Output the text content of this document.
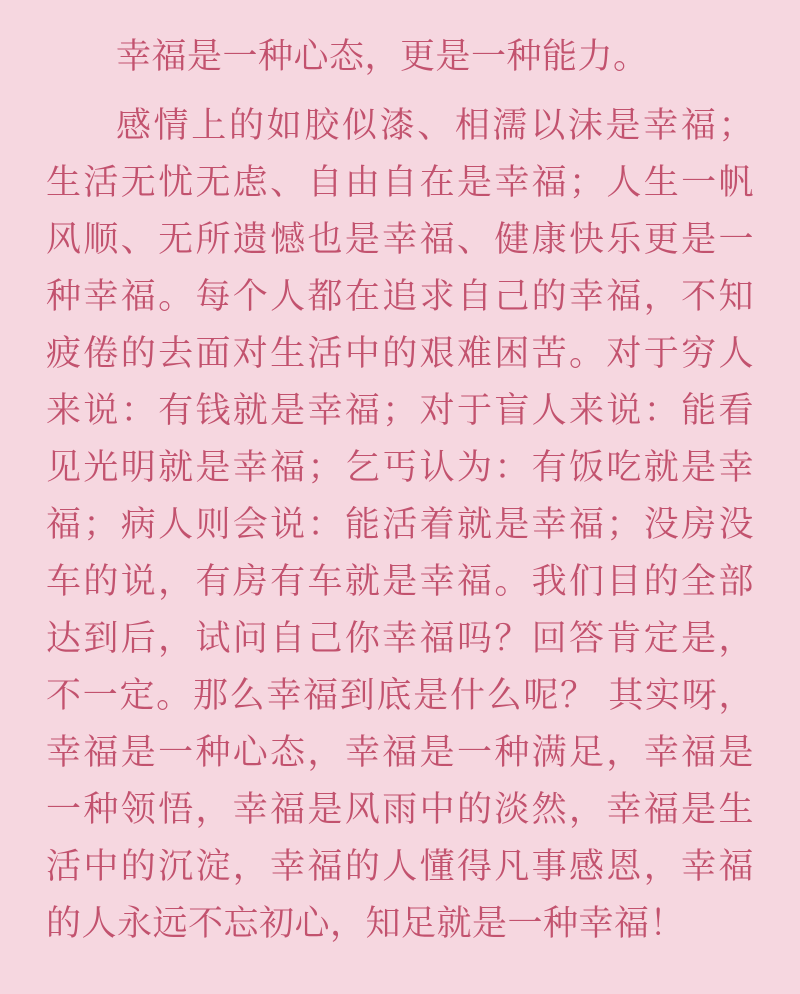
幸福是一种心态，更是一种能力。

感情上的如胶似漆、相濡以沫是幸福；生活无忧无虑、自由自在是幸福；人生一帆风顺、无所遗憾也是幸福、健康快乐更是一种幸福。每个人都在追求自己的幸福，不知疲倦的去面对生活中的艰难困苦。对于穷人来说：有钱就是幸福；对于盲人来说：能看见光明就是幸福；乞丐认为：有饭吃就是幸福；病人则会说：能活着就是幸福；没房没车的说，有房有车就是幸福。我们目的全部达到后，试问自己你幸福吗？回答肯定是，不一定。那么幸福到底是什么呢？ 其实呀，幸福是一种心态，幸福是一种满足，幸福是一种领悟，幸福是风雨中的淡然，幸福是生活中的沉淀，幸福的人懂得凡事感恩，幸福的人永远不忘初心，知足就是一种幸福！
